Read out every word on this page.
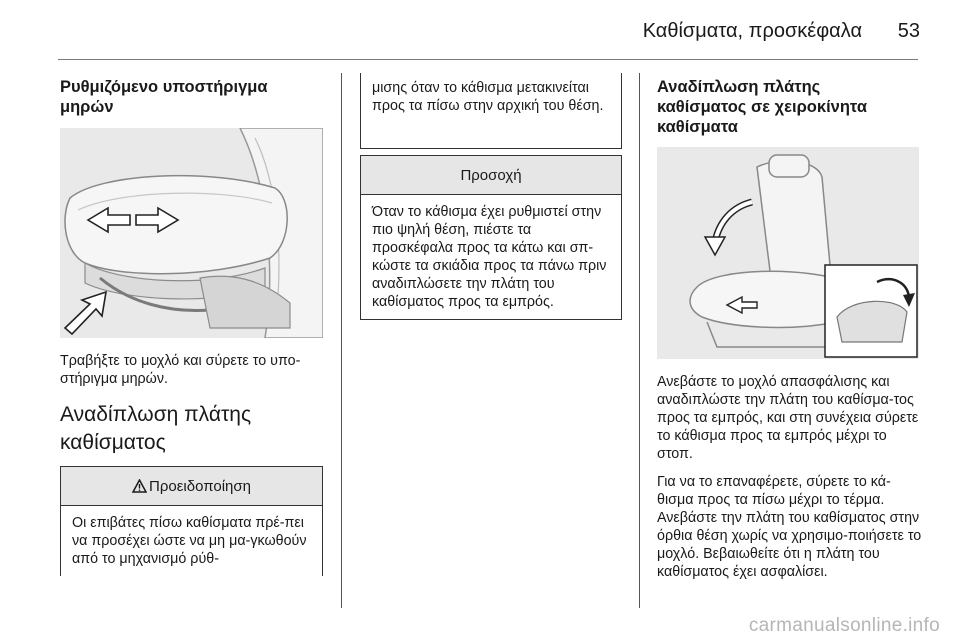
Καθίσματα, προσκέφαλα 53
Ρυθμιζόμενο υποστήριγμα μηρών
Τραβήξτε το μοχλό και σύρετε το υπο-στήριγμα μηρών.
Αναδίπλωση πλάτης καθίσματος
Προειδοποίηση
Οι επιβάτες πίσω καθίσματα πρέ-πει να προσέχει ώστε να μη μα-γκωθούν από το μηχανισμό ρύθ-
μισης όταν το κάθισμα μετακινείται προς τα πίσω στην αρχική του θέση.
Προσοχή
Όταν το κάθισμα έχει ρυθμιστεί στην πιο ψηλή θέση, πιέστε τα προσκέφαλα προς τα κάτω και σπ-κώστε τα σκιάδια προς τα πάνω πριν αναδιπλώσετε την πλάτη του καθίσματος προς τα εμπρός.
Αναδίπλωση πλάτης καθίσματος σε χειροκίνητα καθίσματα

Ανεβάστε το μοχλό απασφάλισης και αναδιπλώστε την πλάτη του καθίσμα-τος προς τα εμπρός, και στη συνέχεια σύρετε το κάθισμα προς τα εμπρός μέχρι το στοπ.

Για να το επαναφέρετε, σύρετε το κά-θισμα προς τα πίσω μέχρι το τέρμα. Ανεβάστε την πλάτη του καθίσματος στην όρθια θέση χωρίς να χρησιμο-ποιήσετε το μοχλό. Βεβαιωθείτε ότι η πλάτη του καθίσματος έχει ασφαλίσει.

carmanualsonline.info
